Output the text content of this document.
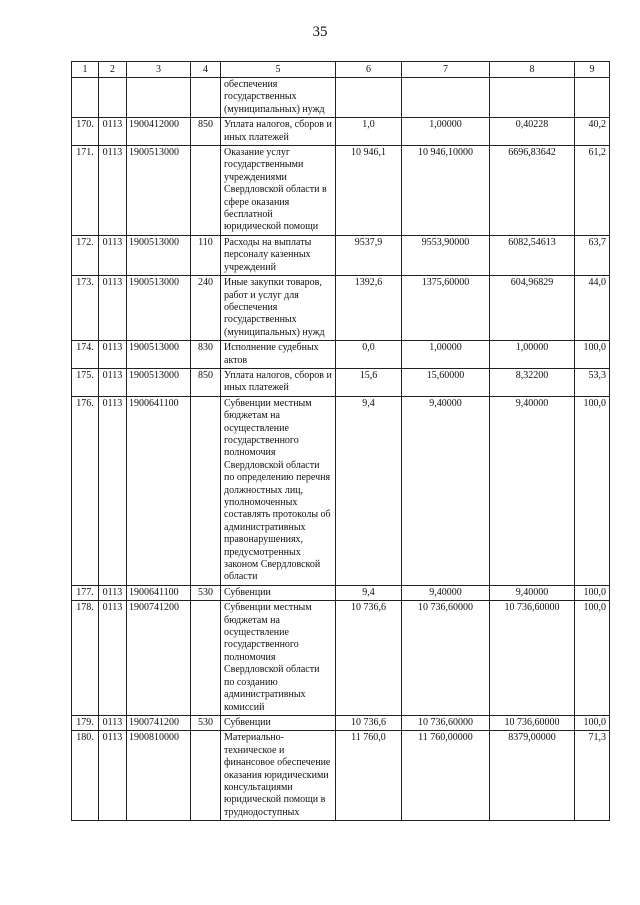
35
1	2	3	4	5	6	7	8	9
				обеспечения государственных (муниципальных) нужд				
170.	0113	1900412000	850	Уплата налогов, сборов и иных платежей	1,0	1,00000	0,40228	40,2
171.	0113	1900513000		Оказание услуг государственными учреждениями Свердловской области в сфере оказания бесплатной юридической помощи	10 946,1	10 946,10000	6696,83642	61,2
172.	0113	1900513000	110	Расходы на выплаты персоналу казенных учреждений	9537,9	9553,90000	6082,54613	63,7
173.	0113	1900513000	240	Иные закупки товаров, работ и услуг для обеспечения государственных (муниципальных) нужд	1392,6	1375,60000	604,96829	44,0
174.	0113	1900513000	830	Исполнение судебных актов	0,0	1,00000	1,00000	100,0
175.	0113	1900513000	850	Уплата налогов, сборов и иных платежей	15,6	15,60000	8,32200	53,3
176.	0113	1900641100		Субвенции местным бюджетам на осуществление государственного полномочия Свердловской области по определению перечня должностных лиц, уполномоченных составлять протоколы об административных правонарушениях, предусмотренных законом Свердловской области	9,4	9,40000	9,40000	100,0
177.	0113	1900641100	530	Субвенции	9,4	9,40000	9,40000	100,0
178.	0113	1900741200		Субвенции местным бюджетам на осуществление государственного полномочия Свердловской области по созданию административных комиссий	10 736,6	10 736,60000	10 736,60000	100,0
179.	0113	1900741200	530	Субвенции	10 736,6	10 736,60000	10 736,60000	100,0
180.	0113	1900810000		Материально-техническое и финансовое обеспечение оказания юридическими консультациями юридической помощи в труднодоступных	11 760,0	11 760,00000	8379,00000	71,3
